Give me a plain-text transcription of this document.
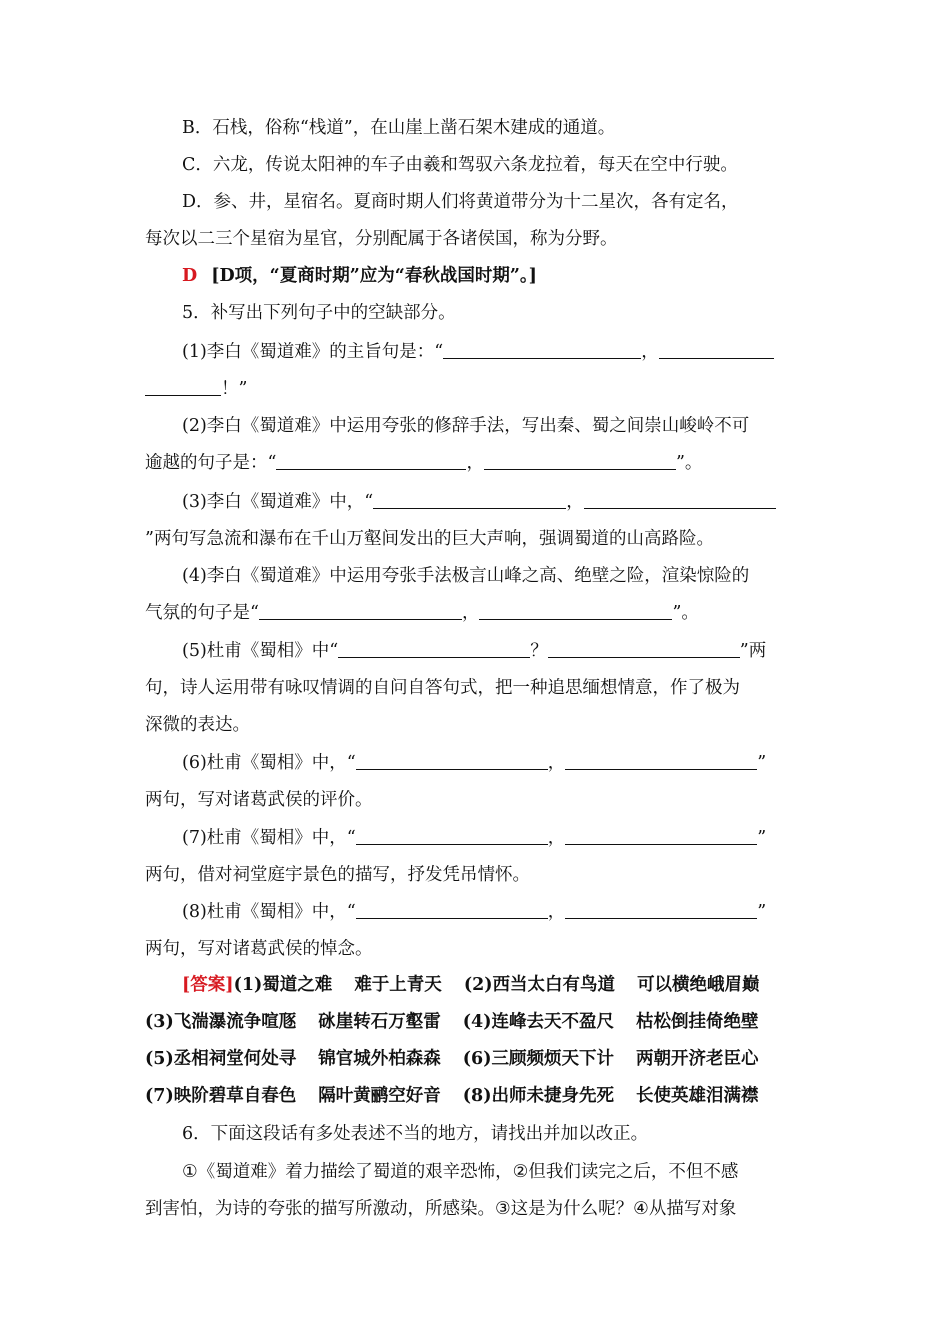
B．石栈，俗称“栈道”，在山崖上凿石架木建成的通道。
C．六龙，传说太阳神的车子由羲和驾驭六条龙拉着，每天在空中行驶。
D．参、井，星宿名。夏商时期人们将黄道带分为十二星次，各有定名，
每次以二三个星宿为星官，分别配属于各诸侯国，称为分野。
D [D项，“夏商时期”应为“春秋战国时期”。]
5．补写出下列句子中的空缺部分。
(1)李白《蜀道难》的主旨句是：“	，
！”
(2)李白《蜀道难》中运用夸张的修辞手法，写出秦、蜀之间崇山峻岭不可
逾越的句子是：“	，	”。
(3)李白《蜀道难》中，“	，
”两句写急流和瀑布在千山万壑间发出的巨大声响，强调蜀道的山高路险。
(4)李白《蜀道难》中运用夸张手法极言山峰之高、绝壁之险，渲染惊险的
气氛的句子是“	，	”。
(5)杜甫《蜀相》中“	？	”两
句，诗人运用带有咏叹情调的自问自答句式，把一种追思缅想情意，作了极为
深微的表达。
(6)杜甫《蜀相》中，“	，	”
两句，写对诸葛武侯的评价。
(7)杜甫《蜀相》中，“	，	”
两句，借对祠堂庭宇景色的描写，抒发凭吊情怀。
(8)杜甫《蜀相》中，“	，	”
两句，写对诸葛武侯的悼念。
[答案](1)蜀道之难 难于上青天 (2)西当太白有鸟道 可以横绝峨眉巅
(3)飞湍瀑流争喧豗 砯崖转石万壑雷 (4)连峰去天不盈尺 枯松倒挂倚绝壁
(5)丞相祠堂何处寻 锦官城外柏森森 (6)三顾频烦天下计 两朝开济老臣心
(7)映阶碧草自春色 隔叶黄鹂空好音 (8)出师未捷身先死 长使英雄泪满襟
6．下面这段话有多处表述不当的地方，请找出并加以改正。
①《蜀道难》着力描绘了蜀道的艰辛恐怖，②但我们读完之后，不但不感
到害怕，为诗的夸张的描写所激动，所感染。③这是为什么呢？④从描写对象
